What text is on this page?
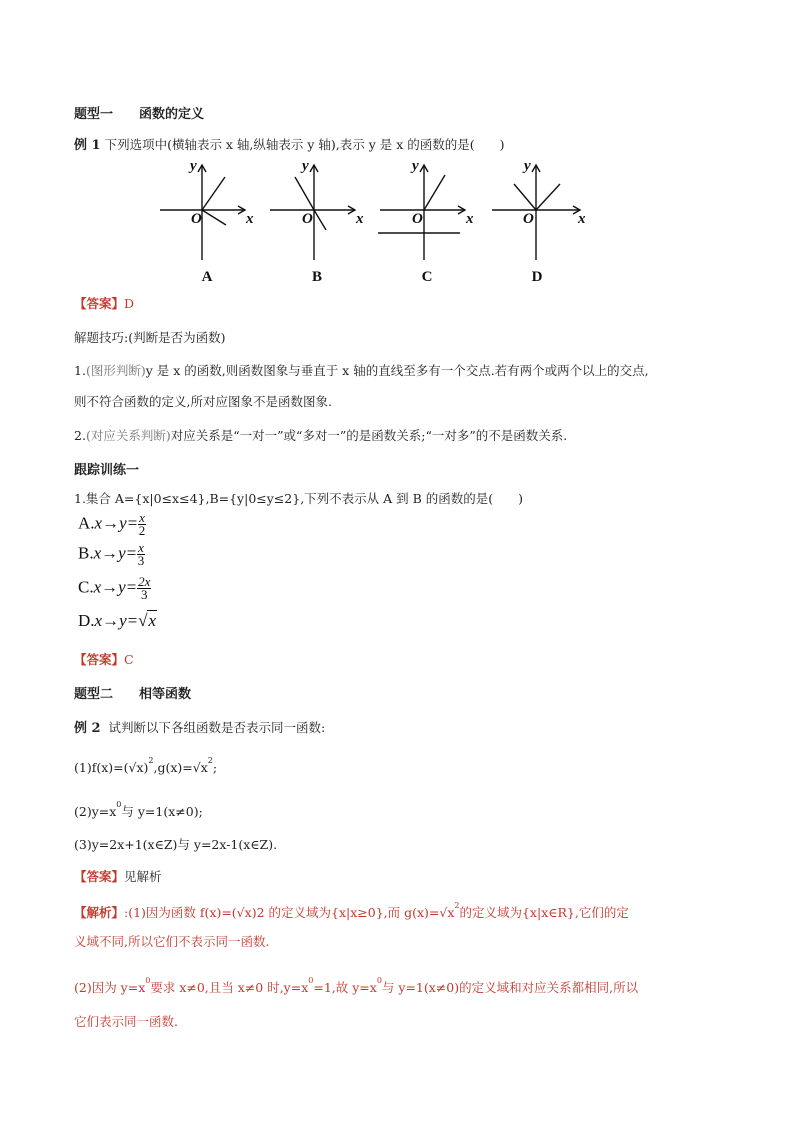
题型一　　函数的定义
例 1 下列选项中(横轴表示 x 轴,纵轴表示 y 轴),表示 y 是 x 的函数的是(　　)
y
x
O
y
x
O
y
x
O
y
x
O
A	B	C	D
【答案】D
解题技巧:(判断是否为函数)
1.(图形判断)y 是 x 的函数,则函数图象与垂直于 x 轴的直线至多有一个交点.若有两个或两个以上的交点,
则不符合函数的定义,所对应图象不是函数图象.
2.(对应关系判断)对应关系是“一对一”或“多对一”的是函数关系;“一对多”的不是函数关系.
跟踪训练一
1.集合 A={x|0≤x≤4},B={y|0≤y≤2},下列不表示从 A 到 B 的函数的是(　　)
$A.x\to y= \frac{x}{2}$
$B.x\to y= \frac{x}{3}$
$C.x\to y= \frac{2x}{3}$
D.x→y=√x
【答案】C
题型二　　相等函数
例 2 试判断以下各组函数是否表示同一函数:
$(1)f(x)=(√x)^2,g(x)=√x^2$;
$(2)y=x^0$与 y=1(x≠0);
(3)y=2x+1(x∈Z)与 y=2x-1(x∈Z).
【答案】见解析
【解析】:(1)因为函数 f(x)=(√x)2 的定义域为{x|x≥0},而 $g(x)=√x^2$的定义域为{x|x∈R},它们的定
义域不同,所以它们不表示同一函数.
(2)因为 $y=x^0$要求 x≠0,且当 x≠0 时$,y=x^0=1$,故 $y=x^0$与 y=1(x≠0)的定义域和对应关系都相同,所以
它们表示同一函数.
